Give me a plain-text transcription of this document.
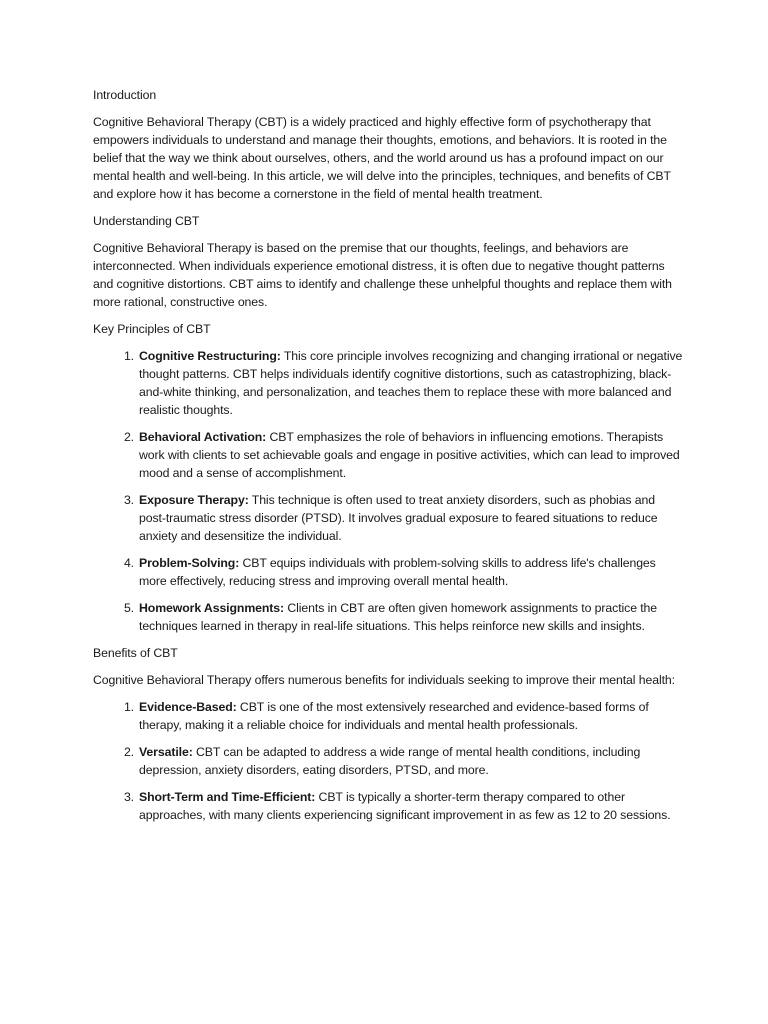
Introduction

Cognitive Behavioral Therapy (CBT) is a widely practiced and highly effective form of psychotherapy that empowers individuals to understand and manage their thoughts, emotions, and behaviors. It is rooted in the belief that the way we think about ourselves, others, and the world around us has a profound impact on our mental health and well-being. In this article, we will delve into the principles, techniques, and benefits of CBT and explore how it has become a cornerstone in the field of mental health treatment.

Understanding CBT

Cognitive Behavioral Therapy is based on the premise that our thoughts, feelings, and behaviors are interconnected. When individuals experience emotional distress, it is often due to negative thought patterns and cognitive distortions. CBT aims to identify and challenge these unhelpful thoughts and replace them with more rational, constructive ones.

Key Principles of CBT

1. Cognitive Restructuring: This core principle involves recognizing and changing irrational or negative thought patterns. CBT helps individuals identify cognitive distortions, such as catastrophizing, black-and-white thinking, and personalization, and teaches them to replace these with more balanced and realistic thoughts.
2. Behavioral Activation: CBT emphasizes the role of behaviors in influencing emotions. Therapists work with clients to set achievable goals and engage in positive activities, which can lead to improved mood and a sense of accomplishment.
3. Exposure Therapy: This technique is often used to treat anxiety disorders, such as phobias and post-traumatic stress disorder (PTSD). It involves gradual exposure to feared situations to reduce anxiety and desensitize the individual.
4. Problem-Solving: CBT equips individuals with problem-solving skills to address life's challenges more effectively, reducing stress and improving overall mental health.
5. Homework Assignments: Clients in CBT are often given homework assignments to practice the techniques learned in therapy in real-life situations. This helps reinforce new skills and insights.

Benefits of CBT

Cognitive Behavioral Therapy offers numerous benefits for individuals seeking to improve their mental health:

1. Evidence-Based: CBT is one of the most extensively researched and evidence-based forms of therapy, making it a reliable choice for individuals and mental health professionals.
2. Versatile: CBT can be adapted to address a wide range of mental health conditions, including depression, anxiety disorders, eating disorders, PTSD, and more.
3. Short-Term and Time-Efficient: CBT is typically a shorter-term therapy compared to other approaches, with many clients experiencing significant improvement in as few as 12 to 20 sessions.
